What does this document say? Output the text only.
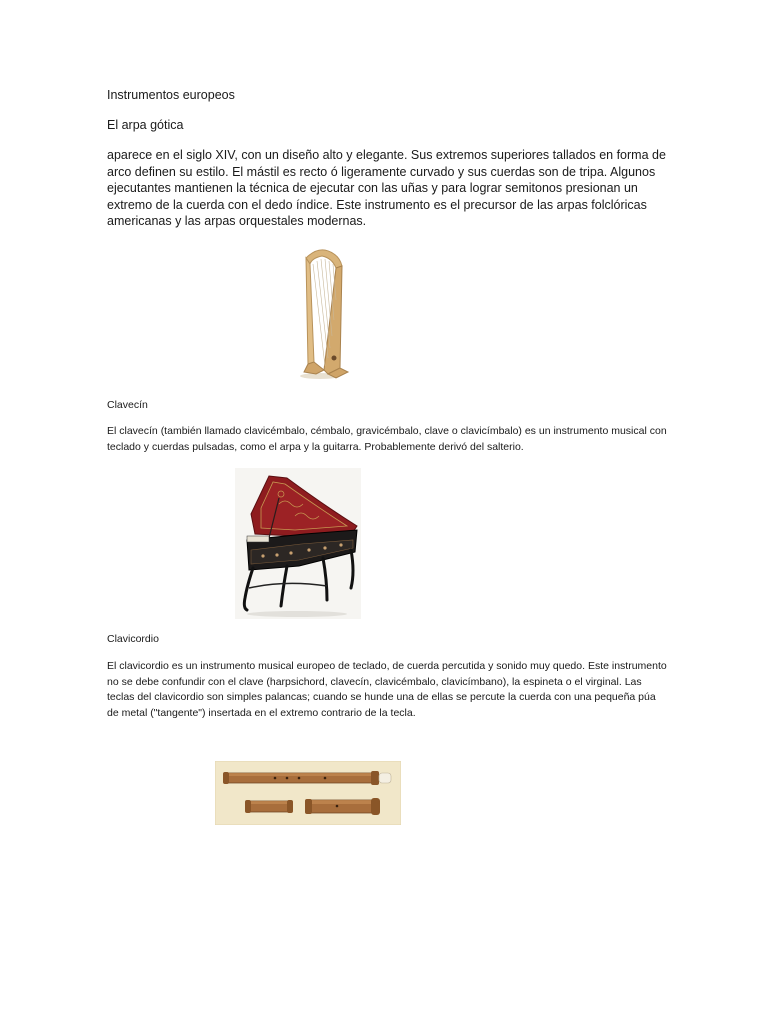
Instrumentos europeos

El arpa gótica

aparece en el siglo XIV, con un diseño alto y elegante. Sus extremos superiores tallados en forma de arco definen su estilo. El mástil es recto ó ligeramente curvado y sus cuerdas son de tripa. Algunos ejecutantes mantienen la técnica de ejecutar con las uñas y para lograr semitonos presionan un extremo de la cuerda con el dedo índice. Este instrumento es el precursor de las arpas folclóricas americanas y las arpas orquestales modernas.

Clavecín

El clavecín (también llamado clavicémbalo, cémbalo, gravicémbalo, clave o clavicímbalo) es un instrumento musical con teclado y cuerdas pulsadas, como el arpa y la guitarra. Probablemente derivó del salterio.

Clavicordio

El clavicordio es un instrumento musical europeo de teclado, de cuerda percutida y sonido muy quedo. Este instrumento no se debe confundir con el clave (harpsichord, clavecín, clavicémbalo, clavicímbano), la espineta o el virginal. Las teclas del clavicordio son simples palancas; cuando se hunde una de ellas se percute la cuerda con una pequeña púa de metal ("tangente") insertada en el extremo contrario de la tecla.
